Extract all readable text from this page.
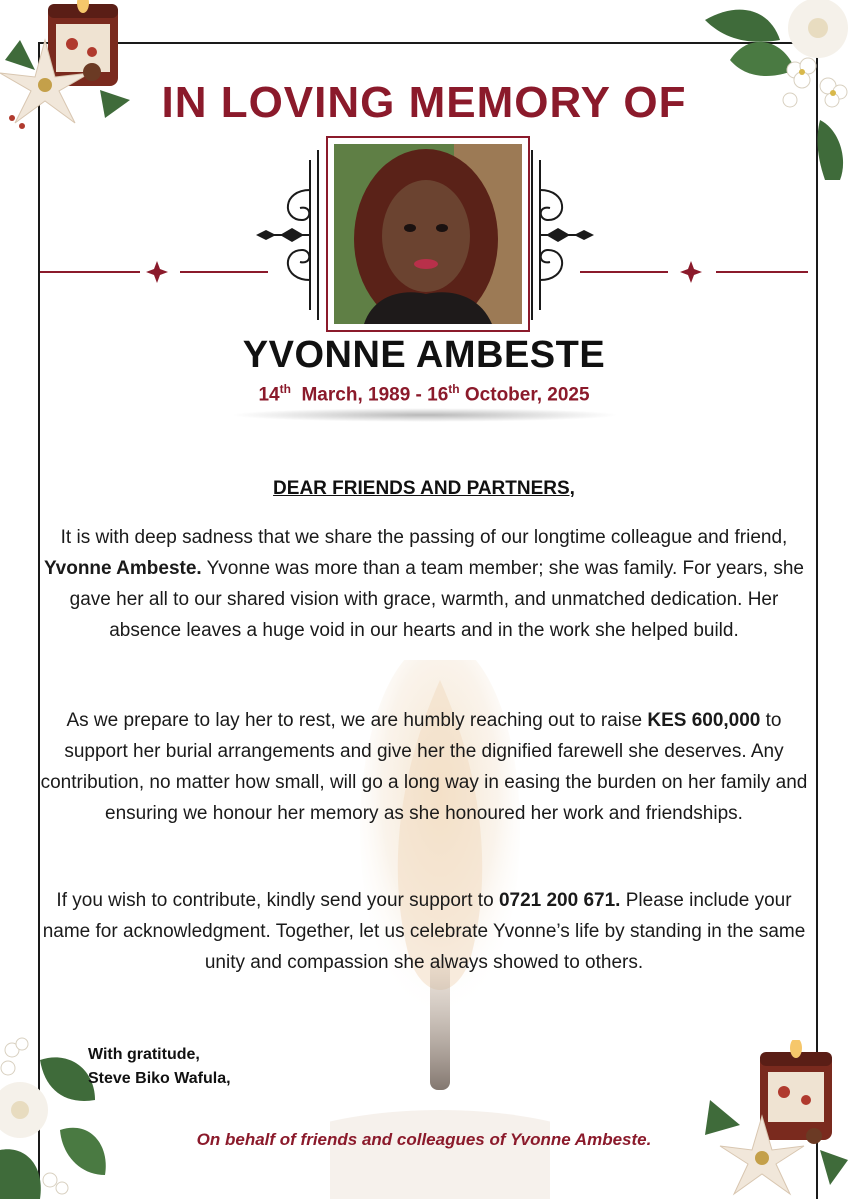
IN LOVING MEMORY OF
YVONNE AMBESTE
14th March, 1989 - 16th October, 2025
DEAR FRIENDS AND PARTNERS,

It is with deep sadness that we share the passing of our longtime colleague and friend, Yvonne Ambeste. Yvonne was more than a team member; she was family. For years, she gave her all to our shared vision with grace, warmth, and unmatched dedication. Her absence leaves a huge void in our hearts and in the work she helped build.

As we prepare to lay her to rest, we are humbly reaching out to raise KES 600,000 to support her burial arrangements and give her the dignified farewell she deserves. Any contribution, no matter how small, will go a long way in easing the burden on her family and ensuring we honour her memory as she honoured her work and friendships.

If you wish to contribute, kindly send your support to 0721 200 671. Please include your name for acknowledgment. Together, let us celebrate Yvonne’s life by standing in the same unity and compassion she always showed to others.

With gratitude,
Steve Biko Wafula,
On behalf of friends and colleagues of Yvonne Ambeste.
